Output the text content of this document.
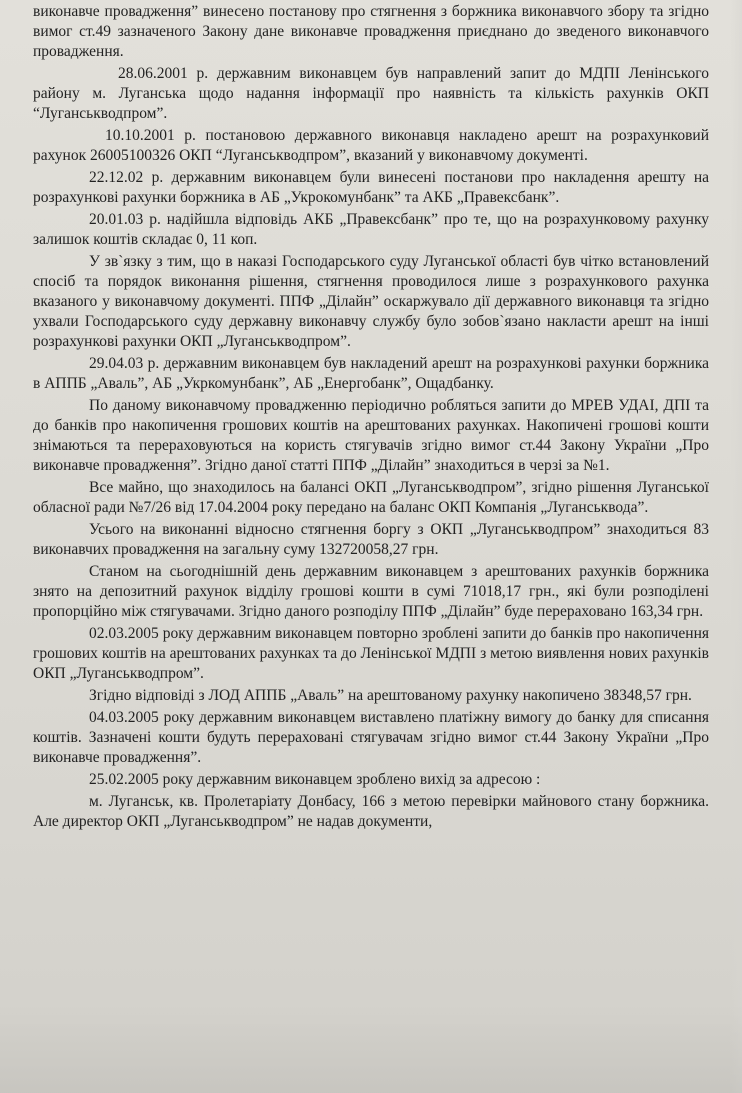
виконавче провадження” винесено постанову про стягнення з боржника виконавчого збору та згідно вимог ст.49 зазначеного Закону дане виконавче провадження приєднано до зведеного виконавчого провадження.

28.06.2001 р. державним виконавцем був направлений запит до МДПІ Ленінського району м. Луганська щодо надання інформації про наявність та кількість рахунків ОКП “Луганськводпром”.

10.10.2001 р. постановою державного виконавця накладено арешт на розрахунковий рахунок 26005100326 ОКП “Луганськводпром”, вказаний у виконавчому документі.

22.12.02 р. державним виконавцем були винесені постанови про накладення арешту на розрахункові рахунки боржника в АБ „Укрокомунбанк” та АКБ „Правексбанк”.

20.01.03 р. надійшла відповідь АКБ „Правексбанк” про те, що на розрахунковому рахунку залишок коштів складає 0, 11 коп.

У зв`язку з тим, що в наказі Господарського суду Луганської області був чітко встановлений спосіб та порядок виконання рішення, стягнення проводилося лише з розрахункового рахунка вказаного у виконавчому документі. ППФ „Ділайн” оскаржувало дії державного виконавця та згідно ухвали Господарського суду державну виконавчу службу було зобов`язано накласти арешт на інші розрахункові рахунки ОКП „Луганськводпром”.

29.04.03 р. державним виконавцем був накладений арешт на розрахункові рахунки боржника в АППБ „Аваль”, АБ „Укркомунбанк”, АБ „Енергобанк”, Ощадбанку.

По даному виконавчому провадженню періодично робляться запити до МРЕВ УДАІ, ДПІ та до банків про накопичення грошових коштів на арештованих рахунках. Накопичені грошові кошти знімаються та перераховуються на користь стягувачів згідно вимог ст.44 Закону України „Про виконавче провадження”. Згідно даної статті ППФ „Ділайн” знаходиться в черзі за №1.

Все майно, що знаходилось на балансі ОКП „Луганськводпром”, згідно рішення Луганської обласної ради №7/26 від 17.04.2004 року передано на баланс ОКП Компанія „Луганськвода”.

Усього на виконанні відносно стягнення боргу з ОКП „Луганськводпром” знаходиться 83 виконавчих провадження на загальну суму 132720058,27 грн.

Станом на сьогоднішній день державним виконавцем з арештованих рахунків боржника знято на депозитний рахунок відділу грошові кошти в сумі 71018,17 грн., які були розподілені пропорційно між стягувачами. Згідно даного розподілу ППФ „Ділайн” буде перераховано 163,34 грн.

02.03.2005 року державним виконавцем повторно зроблені запити до банків про накопичення грошових коштів на арештованих рахунках та до Ленінської МДПІ з метою виявлення нових рахунків ОКП „Луганськводпром”.

Згідно відповіді з ЛОД АППБ „Аваль” на арештованому рахунку накопичено 38348,57 грн.

04.03.2005 року державним виконавцем виставлено платіжну вимогу до банку для списання коштів. Зазначені кошти будуть перераховані стягувачам згідно вимог ст.44 Закону України „Про виконавче провадження”.

25.02.2005 року державним виконавцем зроблено вихід за адресою :

м. Луганськ, кв. Пролетаріату Донбасу, 166 з метою перевірки майнового стану боржника. Але директор ОКП „Луганськводпром” не надав документи,
